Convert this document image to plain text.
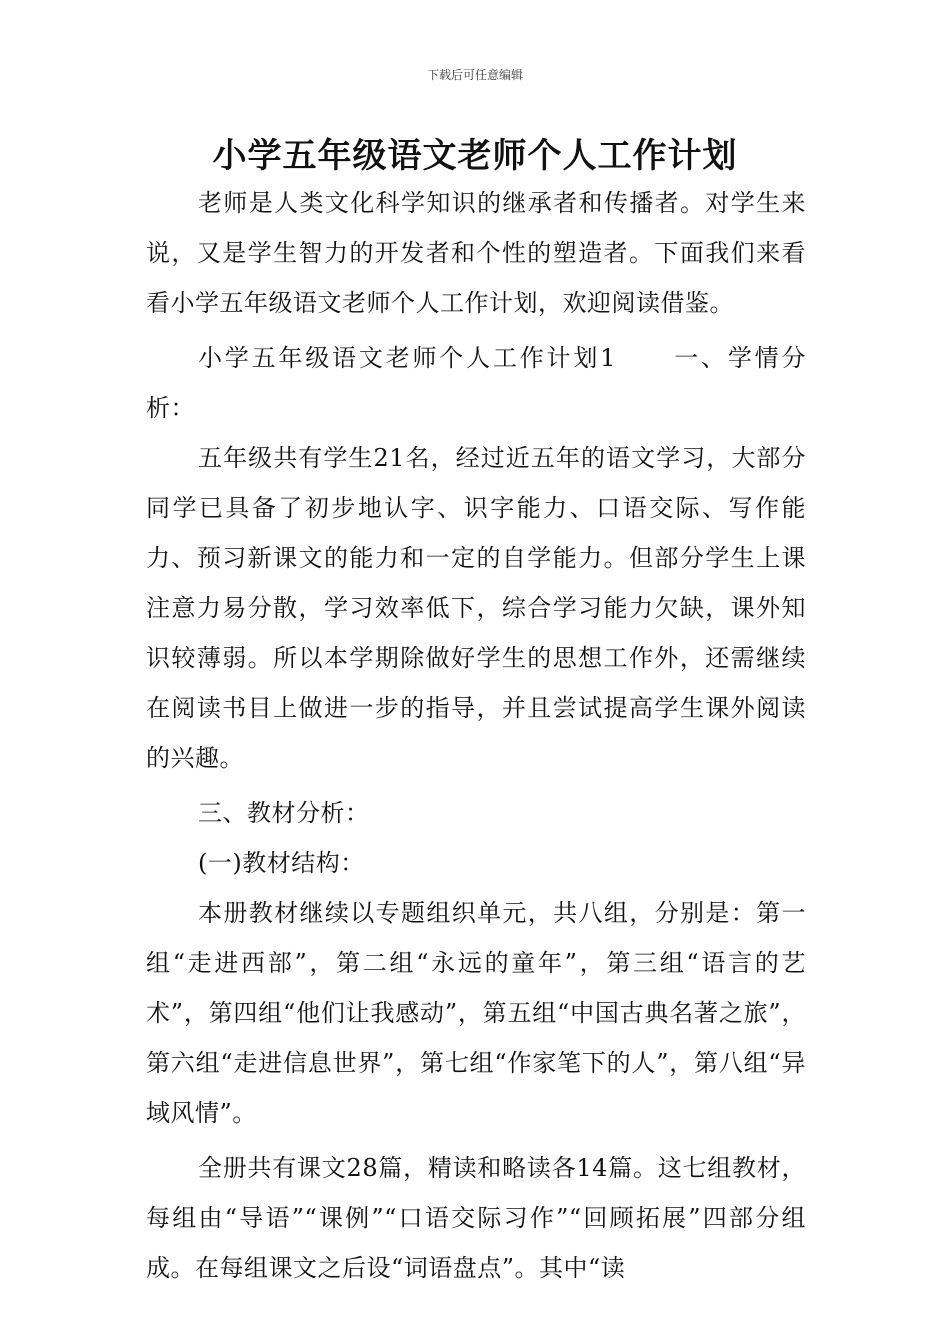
下载后可任意编辑
小学五年级语文老师个人工作计划

老师是人类文化科学知识的继承者和传播者。对学生来说，又是学生智力的开发者和个性的塑造者。下面我们来看看小学五年级语文老师个人工作计划，欢迎阅读借鉴。

小学五年级语文老师个人工作计划1 一、学情分析：

五年级共有学生21名，经过近五年的语文学习，大部分同学已具备了初步地认字、识字能力、口语交际、写作能力、预习新课文的能力和一定的自学能力。但部分学生上课注意力易分散，学习效率低下，综合学习能力欠缺，课外知识较薄弱。所以本学期除做好学生的思想工作外，还需继续在阅读书目上做进一步的指导，并且尝试提高学生课外阅读的兴趣。

三、教材分析：

(一)教材结构：

本册教材继续以专题组织单元，共八组，分别是：第一组“走进西部”，第二组“永远的童年”，第三组“语言的艺术”，第四组“他们让我感动”，第五组“中国古典名著之旅”，第六组“走进信息世界”，第七组“作家笔下的人”，第八组“异域风情”。

全册共有课文28篇，精读和略读各14篇。这七组教材，每组由“导语”“课例”“口语交际习作”“回顾拓展”四部分组成。在每组课文之后设“词语盘点”。其中“读
